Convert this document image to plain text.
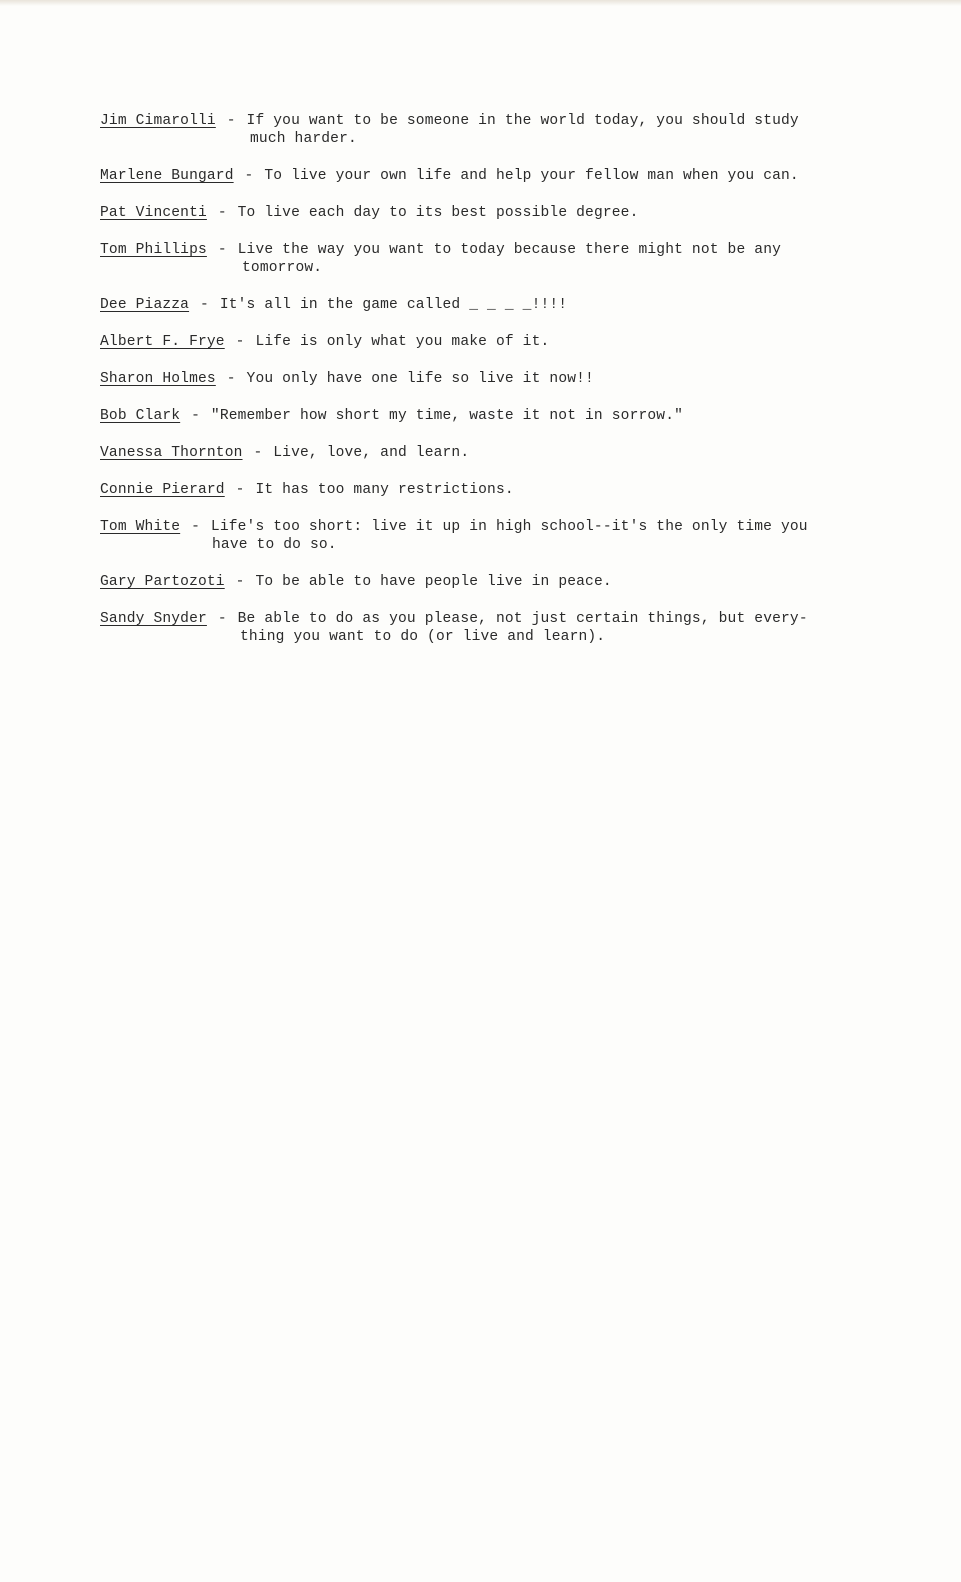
Jim Cimarolli - If you want to be someone in the world today, you should study
much harder.
Marlene Bungard - To live your own life and help your fellow man when you can.
Pat Vincenti - To live each day to its best possible degree.
Tom Phillips - Live the way you want to today because there might not be any
tomorrow.
Dee Piazza - It's all in the game called _ _ _ _!!!!
Albert F. Frye - Life is only what you make of it.
Sharon Holmes - You only have one life so live it now!!
Bob Clark - "Remember how short my time, waste it not in sorrow."
Vanessa Thornton - Live, love, and learn.
Connie Pierard - It has too many restrictions.
Tom White - Life's too short: live it up in high school--it's the only time you
have to do so.
Gary Partozoti - To be able to have people live in peace.
Sandy Snyder - Be able to do as you please, not just certain things, but every-
thing you want to do (or live and learn).
